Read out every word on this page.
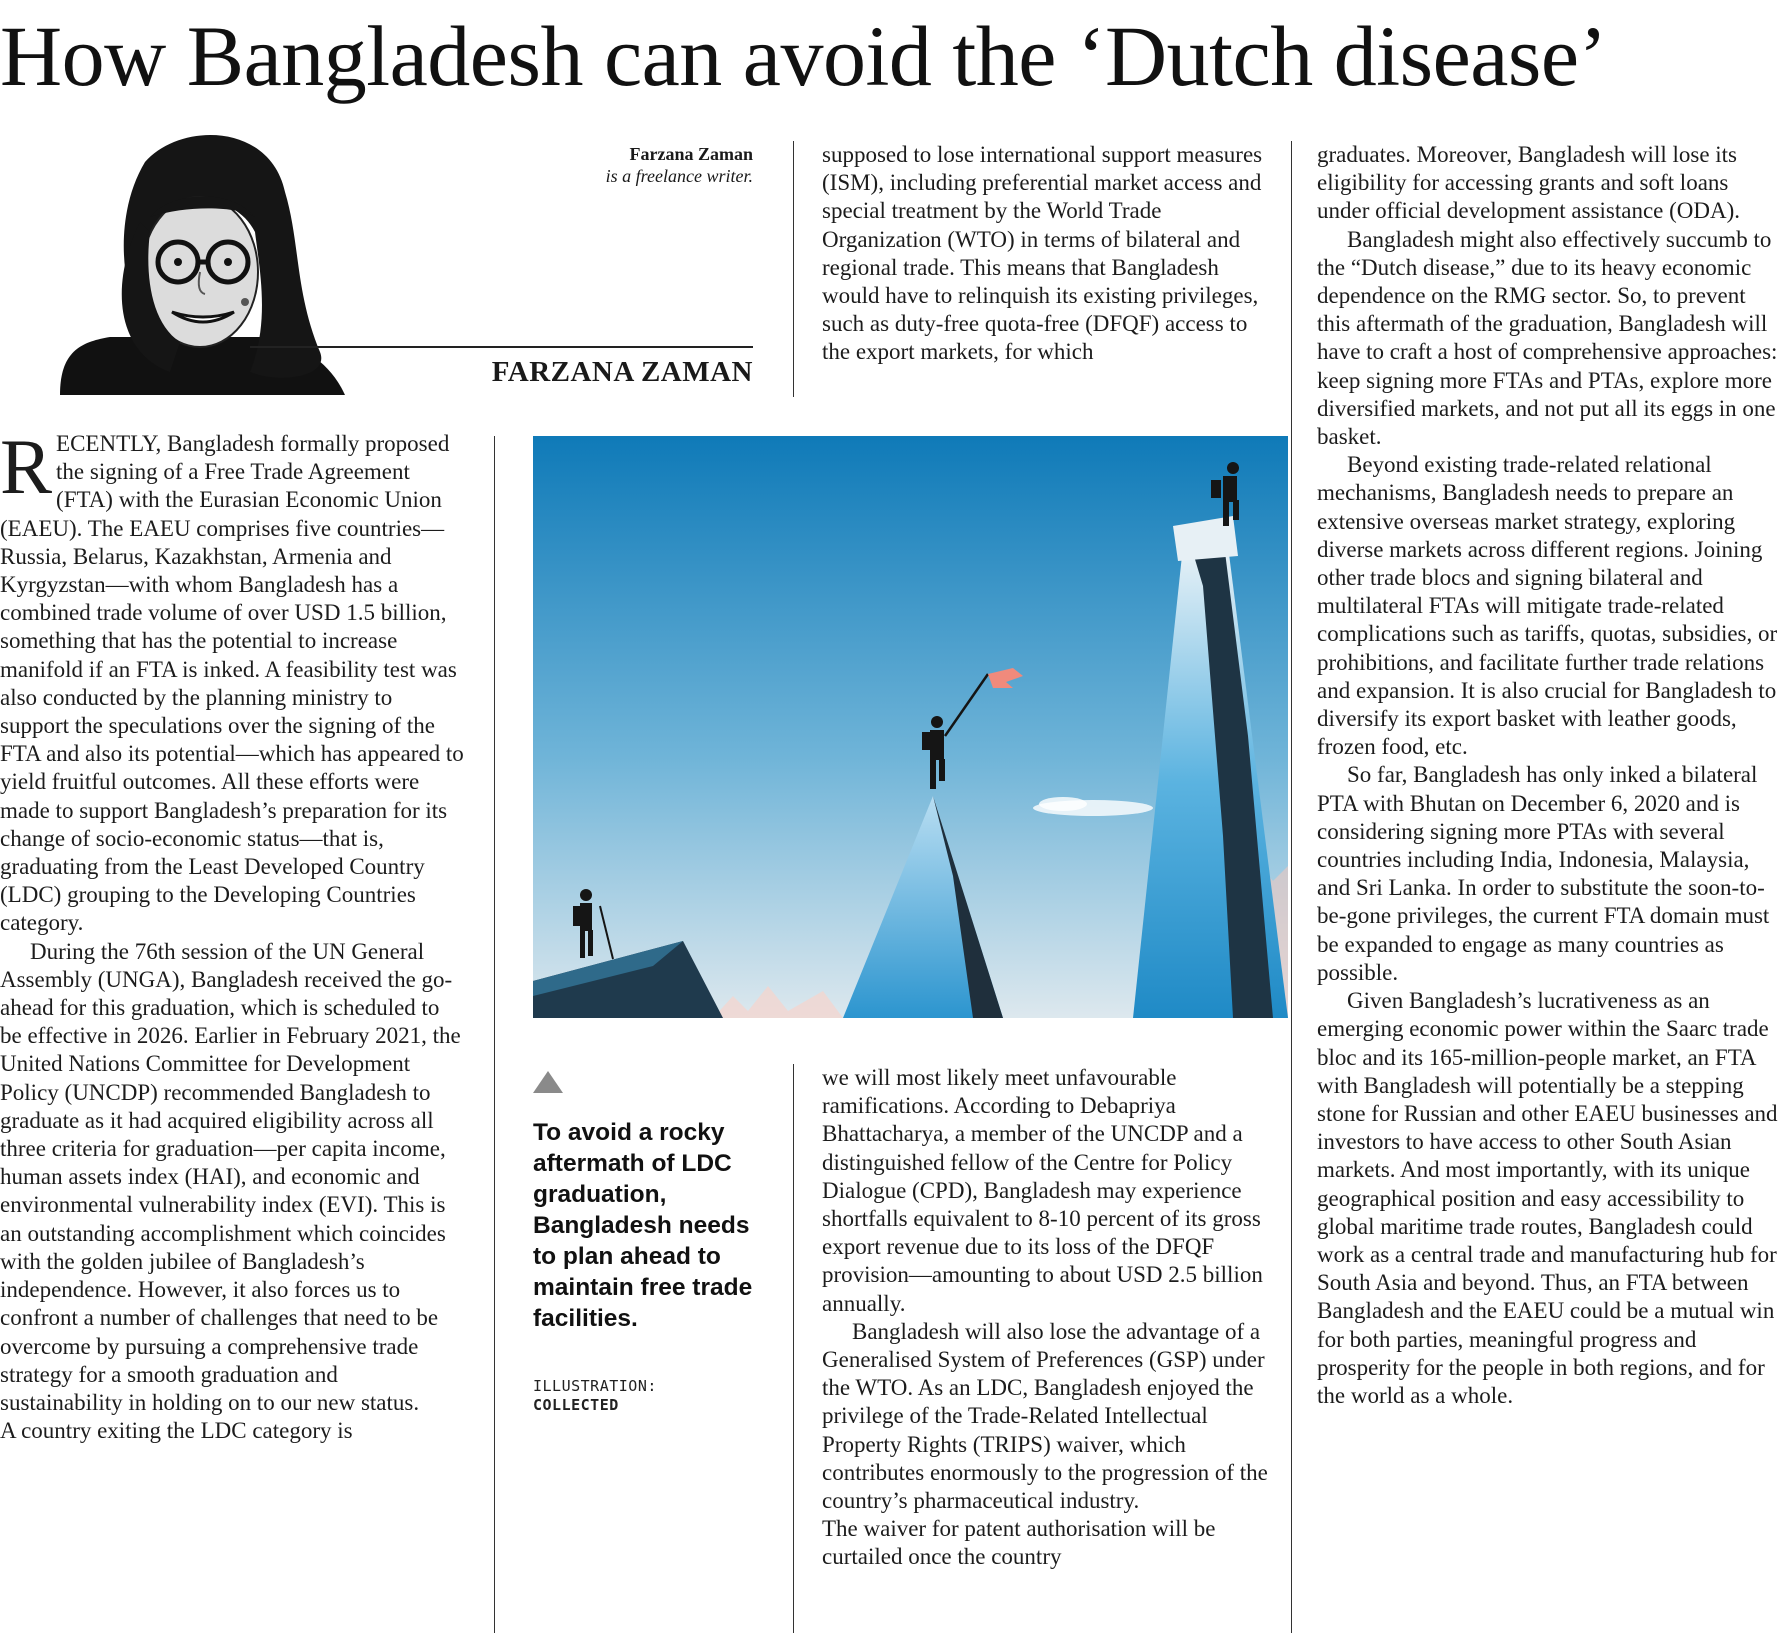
How Bangladesh can avoid the ‘Dutch disease’
Farzana Zaman
is a freelance writer.
FARZANA ZAMAN

RECENTLY, Bangladesh formally proposed the signing of a Free Trade Agreement (FTA) with the Eurasian Economic Union (EAEU). The EAEU comprises five countries—Russia, Belarus, Kazakhstan, Armenia and Kyrgyzstan—with whom Bangladesh has a combined trade volume of over USD 1.5 billion, something that has the potential to increase manifold if an FTA is inked. A feasibility test was also conducted by the planning ministry to support the speculations over the signing of the FTA and also its potential—which has appeared to yield fruitful outcomes. All these efforts were made to support Bangladesh’s preparation for its change of socio-economic status—that is, graduating from the Least Developed Country (LDC) grouping to the Developing Countries category.

During the 76th session of the UN General Assembly (UNGA), Bangladesh received the go-ahead for this graduation, which is scheduled to be effective in 2026. Earlier in February 2021, the United Nations Committee for Development Policy (UNCDP) recommended Bangladesh to graduate as it had acquired eligibility across all three criteria for graduation—per capita income, human assets index (HAI), and economic and environmental vulnerability index (EVI). This is an outstanding accomplishment which coincides with the golden jubilee of Bangladesh’s independence. However, it also forces us to confront a number of challenges that need to be overcome by pursuing a comprehensive trade strategy for a smooth graduation and sustainability in holding on to our new status.

A country exiting the LDC category is

supposed to lose international support measures (ISM), including preferential market access and special treatment by the World Trade Organization (WTO) in terms of bilateral and regional trade. This means that Bangladesh would have to relinquish its existing privileges, such as duty-free quota-free (DFQF) access to the export markets, for which

To avoid a rocky aftermath of LDC graduation, Bangladesh needs to plan ahead to maintain free trade facilities.
ILLUSTRATION:
COLLECTED

we will most likely meet unfavourable ramifications. According to Debapriya Bhattacharya, a member of the UNCDP and a distinguished fellow of the Centre for Policy Dialogue (CPD), Bangladesh may experience shortfalls equivalent to 8-10 percent of its gross export revenue due to its loss of the DFQF provision—amounting to about USD 2.5 billion annually.

Bangladesh will also lose the advantage of a Generalised System of Preferences (GSP) under the WTO. As an LDC, Bangladesh enjoyed the privilege of the Trade-Related Intellectual Property Rights (TRIPS) waiver, which contributes enormously to the progression of the country’s pharmaceutical industry.

The waiver for patent authorisation will be curtailed once the country

graduates. Moreover, Bangladesh will lose its eligibility for accessing grants and soft loans under official development assistance (ODA).

Bangladesh might also effectively succumb to the “Dutch disease,” due to its heavy economic dependence on the RMG sector. So, to prevent this aftermath of the graduation, Bangladesh will have to craft a host of comprehensive approaches: keep signing more FTAs and PTAs, explore more diversified markets, and not put all its eggs in one basket.

Beyond existing trade-related relational mechanisms, Bangladesh needs to prepare an extensive overseas market strategy, exploring diverse markets across different regions. Joining other trade blocs and signing bilateral and multilateral FTAs will mitigate trade-related complications such as tariffs, quotas, subsidies, or prohibitions, and facilitate further trade relations and expansion. It is also crucial for Bangladesh to diversify its export basket with leather goods, frozen food, etc.

So far, Bangladesh has only inked a bilateral PTA with Bhutan on December 6, 2020 and is considering signing more PTAs with several countries including India, Indonesia, Malaysia, and Sri Lanka. In order to substitute the soon-to-be-gone privileges, the current FTA domain must be expanded to engage as many countries as possible.

Given Bangladesh’s lucrativeness as an emerging economic power within the Saarc trade bloc and its 165-million-people market, an FTA with Bangladesh will potentially be a stepping stone for Russian and other EAEU businesses and investors to have access to other South Asian markets. And most importantly, with its unique geographical position and easy accessibility to global maritime trade routes, Bangladesh could work as a central trade and manufacturing hub for South Asia and beyond. Thus, an FTA between Bangladesh and the EAEU could be a mutual win for both parties, meaningful progress and prosperity for the people in both regions, and for the world as a whole.
